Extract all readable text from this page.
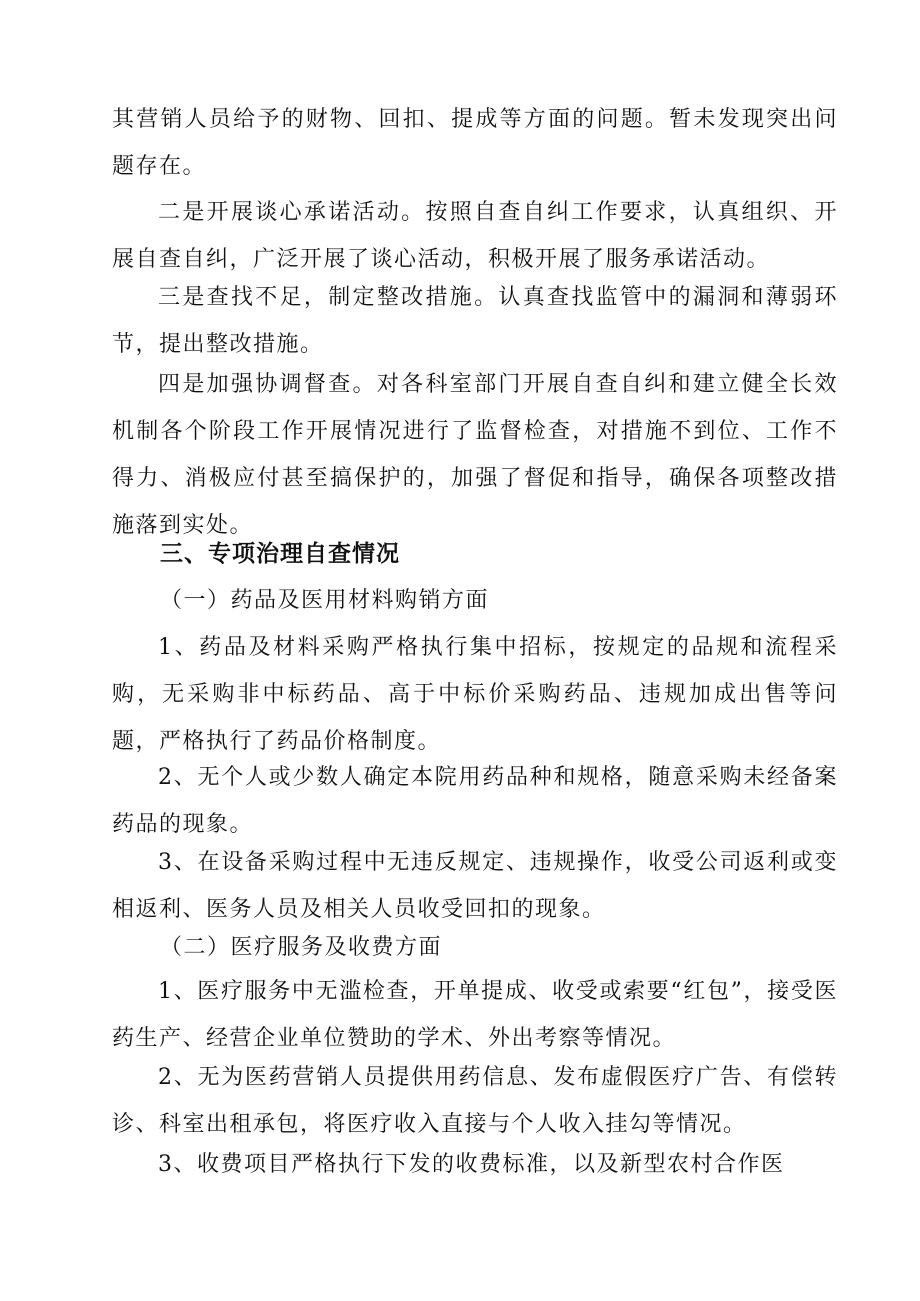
其营销人员给予的财物、回扣、提成等方面的问题。暂未发现突出问题存在。

二是开展谈心承诺活动。按照自查自纠工作要求，认真组织、开展自查自纠，广泛开展了谈心活动，积极开展了服务承诺活动。

三是查找不足，制定整改措施。认真查找监管中的漏洞和薄弱环节，提出整改措施。

四是加强协调督查。对各科室部门开展自查自纠和建立健全长效机制各个阶段工作开展情况进行了监督检查，对措施不到位、工作不得力、消极应付甚至搞保护的，加强了督促和指导，确保各项整改措施落到实处。

三、专项治理自查情况

（一）药品及医用材料购销方面

1、药品及材料采购严格执行集中招标，按规定的品规和流程采购，无采购非中标药品、高于中标价采购药品、违规加成出售等问题，严格执行了药品价格制度。

2、无个人或少数人确定本院用药品种和规格，随意采购未经备案药品的现象。

3、在设备采购过程中无违反规定、违规操作，收受公司返利或变相返利、医务人员及相关人员收受回扣的现象。

（二）医疗服务及收费方面

1、医疗服务中无滥检查，开单提成、收受或索要“红包”，接受医药生产、经营企业单位赞助的学术、外出考察等情况。

2、无为医药营销人员提供用药信息、发布虚假医疗广告、有偿转诊、科室出租承包，将医疗收入直接与个人收入挂勾等情况。

3、收费项目严格执行下发的收费标准，以及新型农村合作医
